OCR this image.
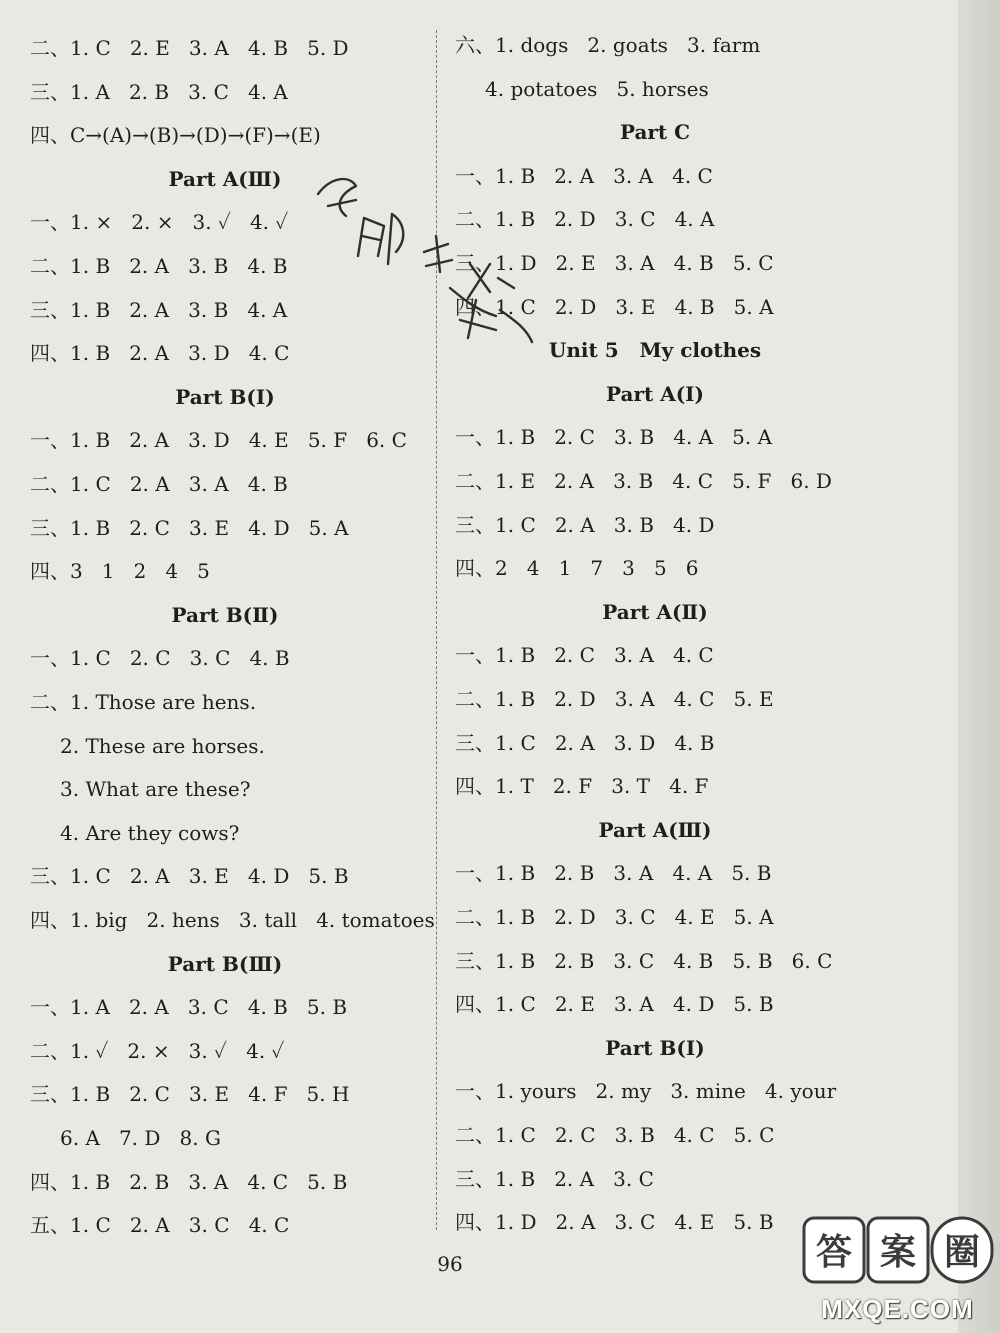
二、1. C   2. E   3. A   4. B   5. D
三、1. A   2. B   3. C   4. A
四、C→(A)→(B)→(D)→(F)→(E)
Part A(Ⅲ)
一、1. ×   2. ×   3. ✓   4. ✓
二、1. B   2. A   3. B   4. B
三、1. B   2. A   3. B   4. A
四、1. B   2. A   3. D   4. C
Part B(Ⅰ)
一、1. B   2. A   3. D   4. E   5. F   6. C
二、1. C   2. A   3. A   4. B
三、1. B   2. C   3. E   4. D   5. A
四、3   1   2   4   5
Part B(Ⅱ)
一、1. C   2. C   3. C   4. B
二、1. Those are hens.
2. These are horses.
3. What are these?
4. Are they cows?
三、1. C   2. A   3. E   4. D   5. B
四、1. big   2. hens   3. tall   4. tomatoes
Part B(Ⅲ)
一、1. A   2. A   3. C   4. B   5. B
二、1. ✓   2. ×   3. ✓   4. ✓
三、1. B   2. C   3. E   4. F   5. H
6. A   7. D   8. G
四、1. B   2. B   3. A   4. C   5. B
五、1. C   2. A   3. C   4. C
六、1. dogs   2. goats   3. farm
4. potatoes   5. horses
Part C
一、1. B   2. A   3. A   4. C
二、1. B   2. D   3. C   4. A
三、1. D   2. E   3. A   4. B   5. C
四、1. C   2. D   3. E   4. B   5. A
Unit 5   My clothes
Part A(Ⅰ)
一、1. B   2. C   3. B   4. A   5. A
二、1. E   2. A   3. B   4. C   5. F   6. D
三、1. C   2. A   3. B   4. D
四、2   4   1   7   3   5   6
Part A(Ⅱ)
一、1. B   2. C   3. A   4. C
二、1. B   2. D   3. A   4. C   5. E
三、1. C   2. A   3. D   4. B
四、1. T   2. F   3. T   4. F
Part A(Ⅲ)
一、1. B   2. B   3. A   4. A   5. B
二、1. B   2. D   3. C   4. E   5. A
三、1. B   2. B   3. C   4. B   5. B   6. C
四、1. C   2. E   3. A   4. D   5. B
Part B(Ⅰ)
一、1. yours   2. my   3. mine   4. your
二、1. C   2. C   3. B   4. C   5. C
三、1. B   2. A   3. C
四、1. D   2. A   3. C   4. E   5. B
96	答 案 圈
MXQE.COM
